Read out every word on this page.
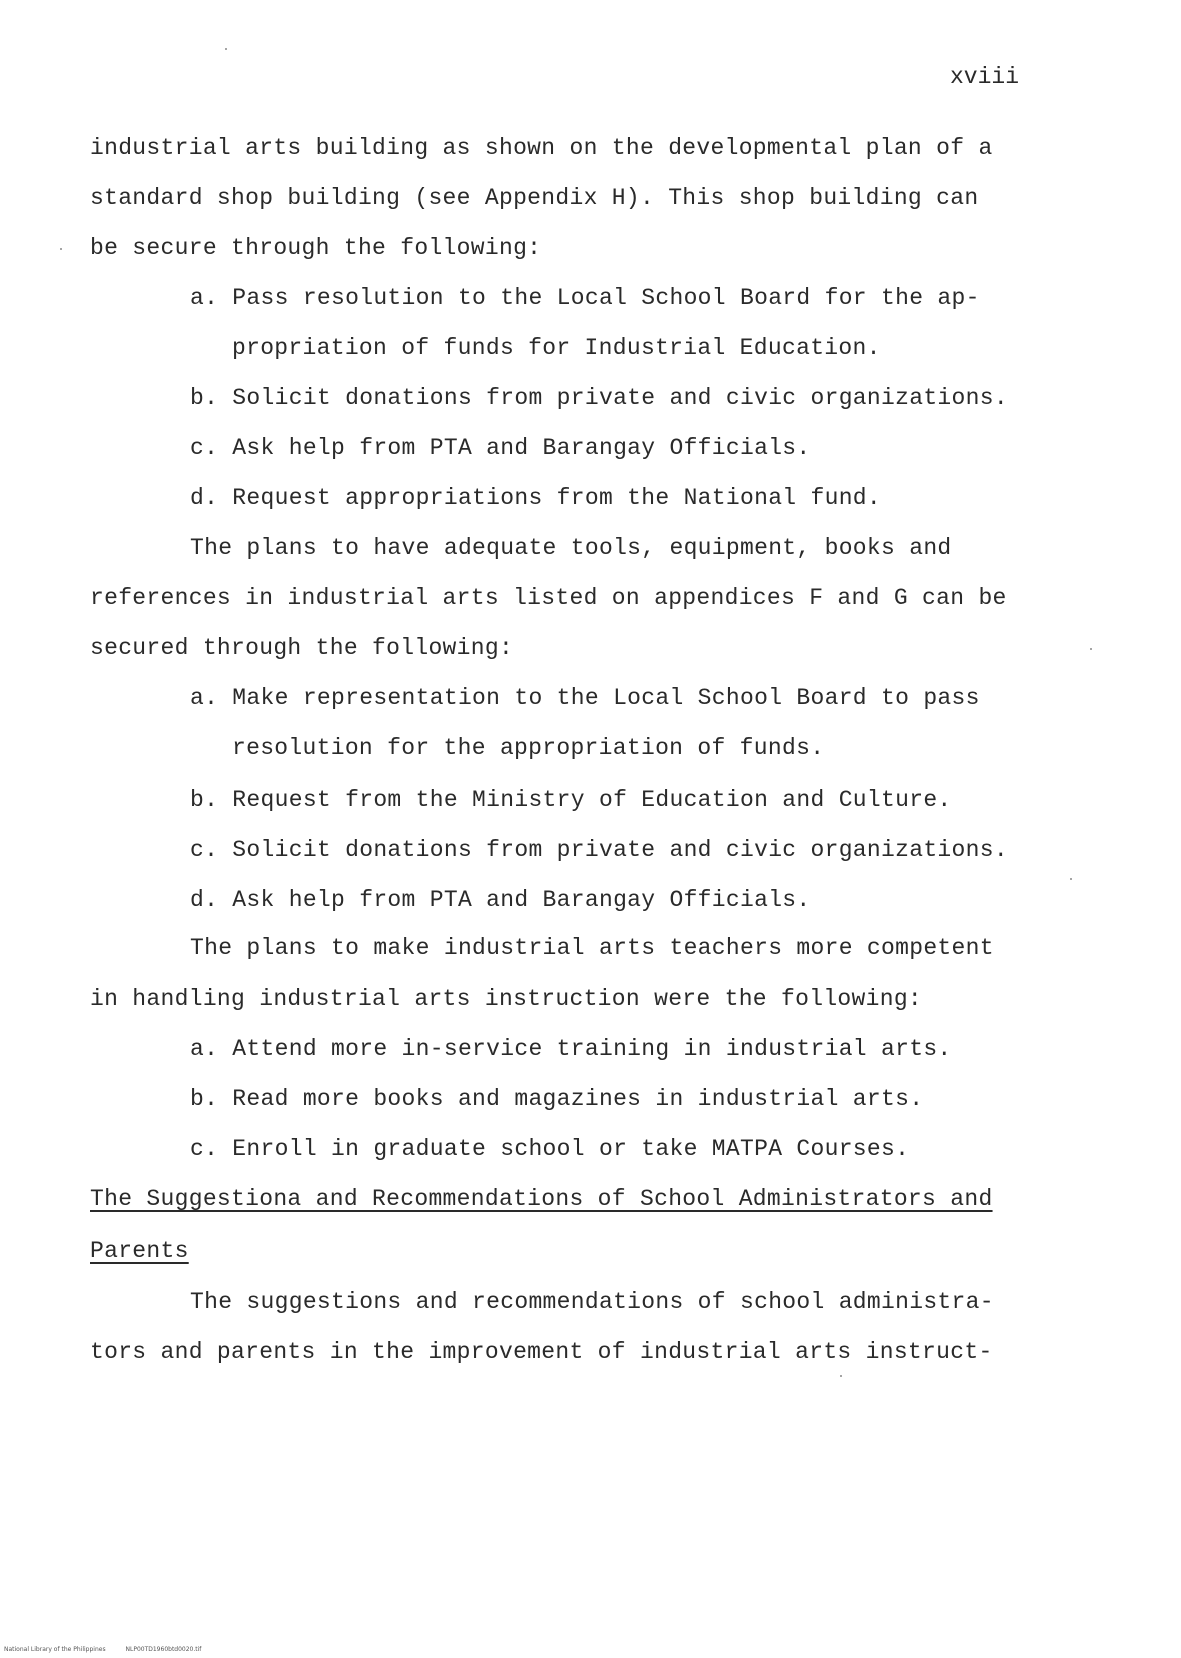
xviii
industrial arts building as shown on the developmental plan of a
standard shop building (see Appendix H). This shop building can
be secure through the following:
a. Pass resolution to the Local School Board for the ap-
propriation of funds for Industrial Education.
b. Solicit donations from private and civic organizations.
c. Ask help from PTA and Barangay Officials.
d. Request appropriations from the National fund.
The plans to have adequate tools, equipment, books and
references in industrial arts listed on appendices F and G can be
secured through the following:
a. Make representation to the Local School Board to pass
resolution for the appropriation of funds.
b. Request from the Ministry of Education and Culture.
c. Solicit donations from private and civic organizations.
d. Ask help from PTA and Barangay Officials.
The plans to make industrial arts teachers more competent
in handling industrial arts instruction were the following:
a. Attend more in-service training in industrial arts.
b. Read more books and magazines in industrial arts.
c. Enroll in graduate school or take MATPA Courses.
The Suggestiona and Recommendations of School Administrators and
Parents
The suggestions and recommendations of school administra-
tors and parents in the improvement of industrial arts instruct-
National Library of the Philippines	NLP00TD1960btd0020.tif
